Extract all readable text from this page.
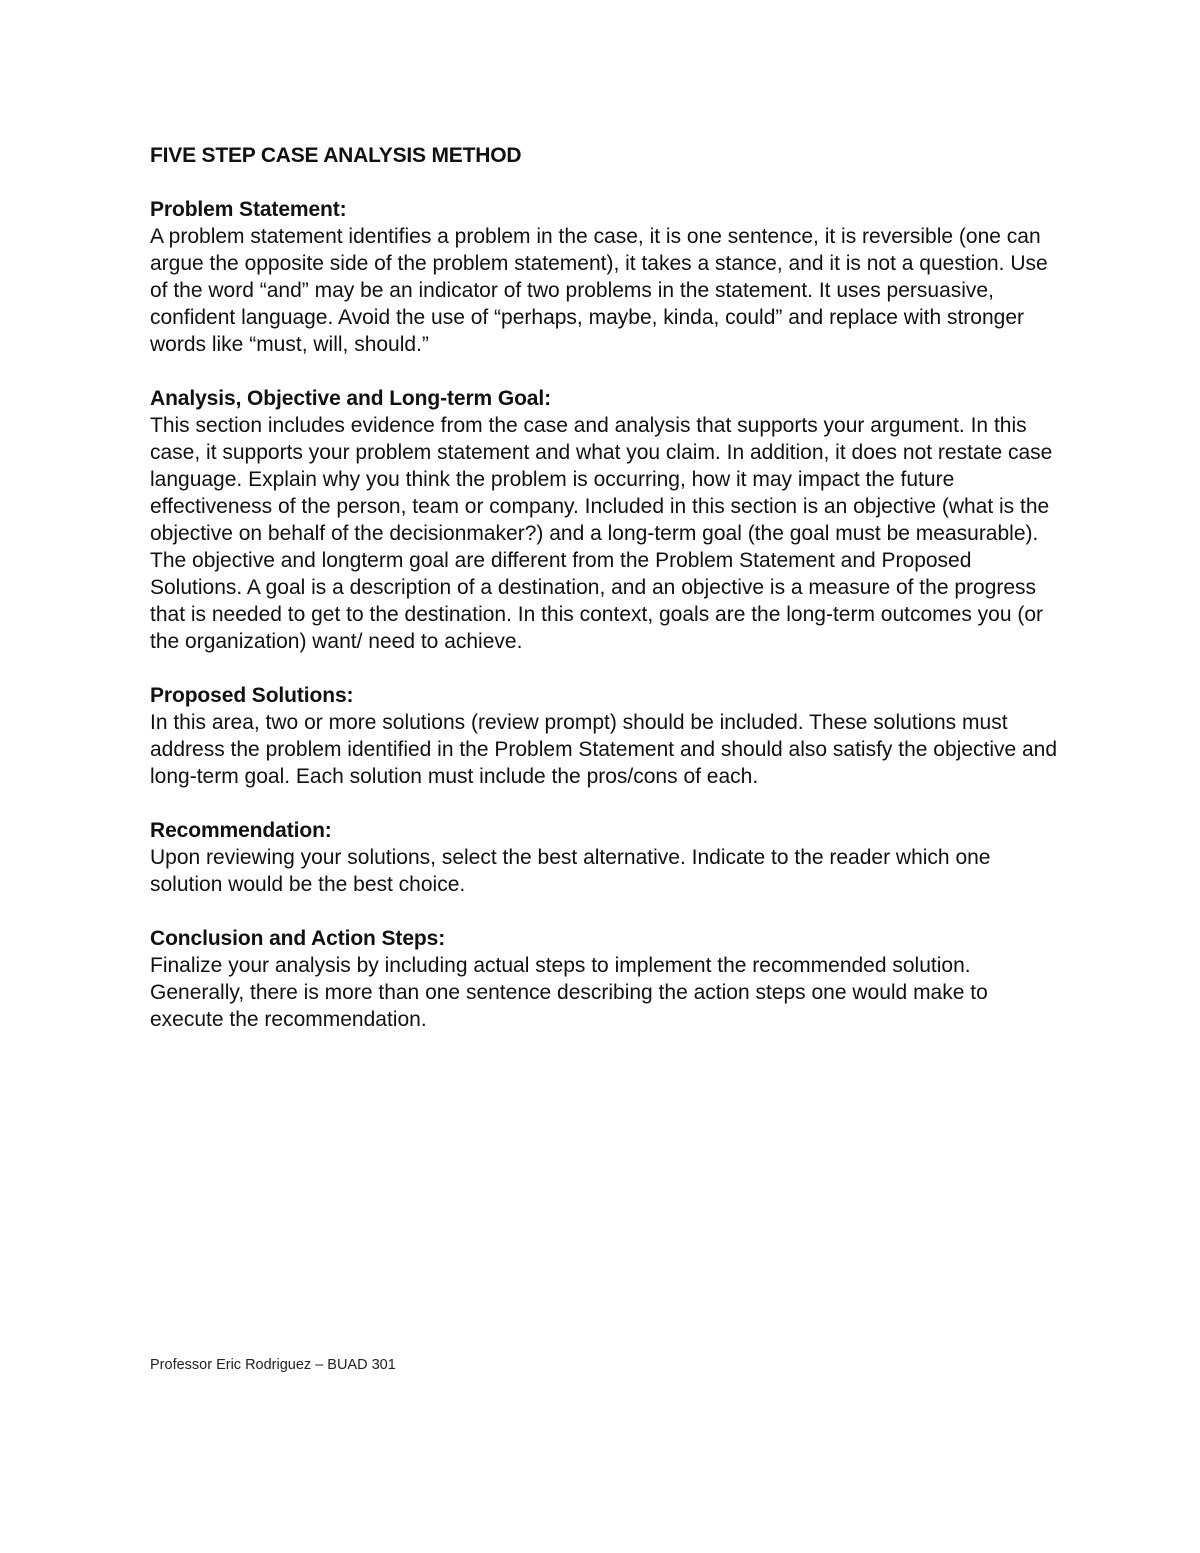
FIVE STEP CASE ANALYSIS METHOD
Problem Statement:
A problem statement identifies a problem in the case, it is one sentence, it is reversible (one can argue the opposite side of the problem statement), it takes a stance, and it is not a question. Use of the word “and” may be an indicator of two problems in the statement. It uses persuasive, confident language. Avoid the use of “perhaps, maybe, kinda, could” and replace with stronger words like “must, will, should.”
Analysis, Objective and Long-term Goal:
This section includes evidence from the case and analysis that supports your argument. In this case, it supports your problem statement and what you claim. In addition, it does not restate case language. Explain why you think the problem is occurring, how it may impact the future effectiveness of the person, team or company. Included in this section is an objective (what is the objective on behalf of the decisionmaker?) and a long-term goal (the goal must be measurable). The objective and longterm goal are different from the Problem Statement and Proposed Solutions. A goal is a description of a destination, and an objective is a measure of the progress that is needed to get to the destination. In this context, goals are the long-term outcomes you (or the organization) want/ need to achieve.
Proposed Solutions:
In this area, two or more solutions (review prompt) should be included. These solutions must address the problem identified in the Problem Statement and should also satisfy the objective and long-term goal. Each solution must include the pros/cons of each.
Recommendation:
Upon reviewing your solutions, select the best alternative. Indicate to the reader which one solution would be the best choice.
Conclusion and Action Steps:
Finalize your analysis by including actual steps to implement the recommended solution. Generally, there is more than one sentence describing the action steps one would make to execute the recommendation.
Professor Eric Rodriguez – BUAD 301
